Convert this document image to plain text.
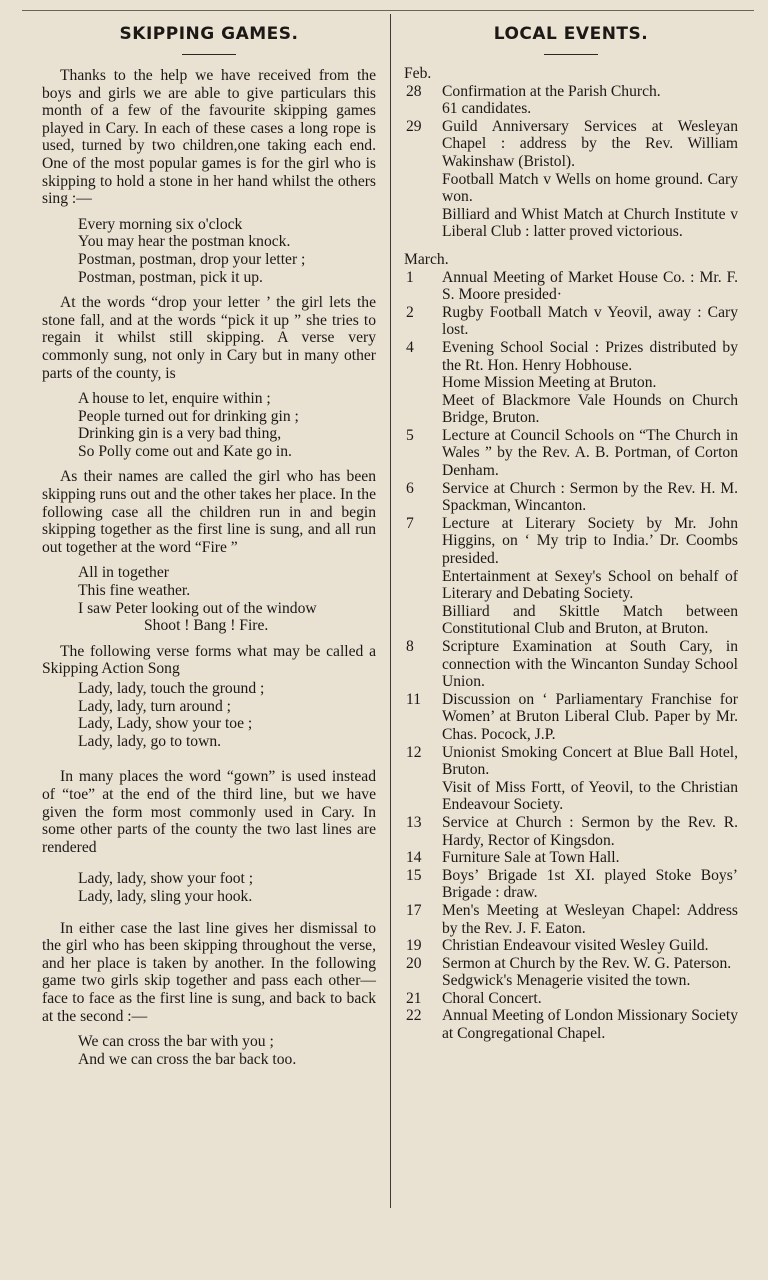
SKIPPING GAMES.

Thanks to the help we have received from the boys and girls we are able to give particulars this month of a few of the favourite skipping games played in Cary. In each of these cases a long rope is used, turned by two children,one taking each end. One of the most popular games is for the girl who is skipping to hold a stone in her hand whilst the others sing :—

Every morning six o'clock
You may hear the postman knock.
Postman, postman, drop your letter ;
Postman, postman, pick it up.

At the words “drop your letter ’ the girl lets the stone fall, and at the words “pick it up ” she tries to regain it whilst still skipping. A verse very commonly sung, not only in Cary but in many other parts of the county, is

A house to let, enquire within ;
People turned out for drinking gin ;
Drinking gin is a very bad thing,
So Polly come out and Kate go in.

As their names are called the girl who has been skipping runs out and the other takes her place. In the following case all the children run in and begin skipping together as the first line is sung, and all run out together at the word “Fire ”

All in together
This fine weather.
I saw Peter looking out of the window
Shoot ! Bang ! Fire.

The following verse forms what may be called a Skipping Action Song

Lady, lady, touch the ground ;
Lady, lady, turn around ;
Lady, Lady, show your toe ;
Lady, lady, go to town.

In many places the word “gown” is used instead of “toe” at the end of the third line, but we have given the form most commonly used in Cary. In some other parts of the county the two last lines are rendered

Lady, lady, show your foot ;
Lady, lady, sling your hook.

In either case the last line gives her dismissal to the girl who has been skipping throughout the verse, and her place is taken by another. In the following game two girls skip together and pass each other—face to face as the first line is sung, and back to back at the second :—

We can cross the bar with you ;
And we can cross the bar back too.
LOCAL EVENTS.
Feb.
28	Confirmation at the Parish Church.
61 candidates.
29	Guild Anniversary Services at Wesleyan Chapel : address by the Rev. William Wakinshaw (Bristol).
Football Match v Wells on home ground. Cary won.
Billiard and Whist Match at Church Institute v Liberal Club : latter proved victorious.
March.
1	Annual Meeting of Market House Co. : Mr. F. S. Moore presided·
2	Rugby Football Match v Yeovil, away : Cary lost.
4	Evening School Social : Prizes distributed by the Rt. Hon. Henry Hobhouse.
Home Mission Meeting at Bruton.
Meet of Blackmore Vale Hounds on Church Bridge, Bruton.
5	Lecture at Council Schools on “The Church in Wales ” by the Rev. A. B. Portman, of Corton Denham.
6	Service at Church : Sermon by the Rev. H. M. Spackman, Wincanton.
7	Lecture at Literary Society by Mr. John Higgins, on ‘ My trip to India.’ Dr. Coombs presided.
Entertainment at Sexey's School on behalf of Literary and Debating Society.
Billiard and Skittle Match between Constitutional Club and Bruton, at Bruton.
8	Scripture Examination at South Cary, in connection with the Wincanton Sunday School Union.
11	Discussion on ‘ Parliamentary Franchise for Women’ at Bruton Liberal Club. Paper by Mr. Chas. Pocock, J.P.
12	Unionist Smoking Concert at Blue Ball Hotel, Bruton.
Visit of Miss Fortt, of Yeovil, to the Christian Endeavour Society.
13	Service at Church : Sermon by the Rev. R. Hardy, Rector of Kingsdon.
14	Furniture Sale at Town Hall.
15	Boys’ Brigade 1st XI. played Stoke Boys’ Brigade : draw.
17	Men's Meeting at Wesleyan Chapel: Address by the Rev. J. F. Eaton.
19	Christian Endeavour visited Wesley Guild.
20	Sermon at Church by the Rev. W. G. Paterson.
Sedgwick's Menagerie visited the town.
21	Choral Concert.
22	Annual Meeting of London Missionary Society at Congregational Chapel.
